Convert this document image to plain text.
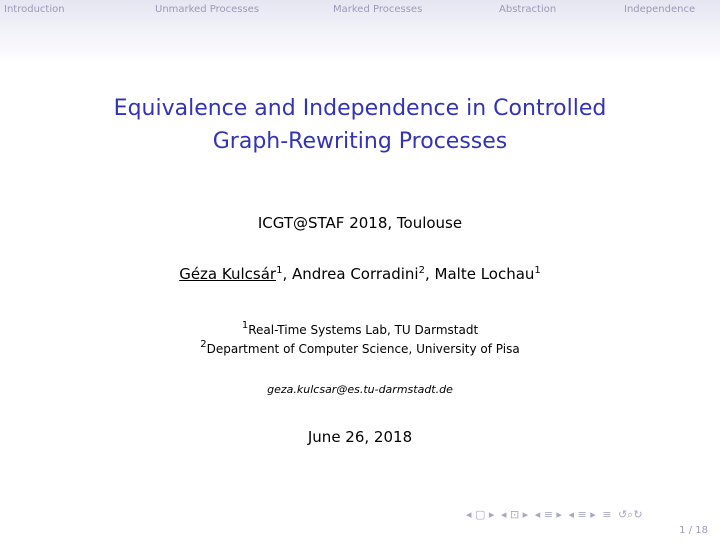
Introduction	Unmarked Processes	Marked Processes	Abstraction	Independence
Equivalence and Independence in Controlled
Graph-Rewriting Processes
ICGT@STAF 2018, Toulouse
Géza Kulcsár$^1$, Andrea Corradini$^2$, Malte Lochau$^1$
$^1$Real-Time Systems Lab, TU Darmstadt
$^2$Department of Computer Science, University of Pisa
geza.kulcsar@es.tu-darmstadt.de
June 26, 2018
◂ ▢ ▸ ◂ ⊡ ▸ ◂ ≡ ▸ ◂ ≡ ▸ ≡ ↺⌕↻
1 / 18
